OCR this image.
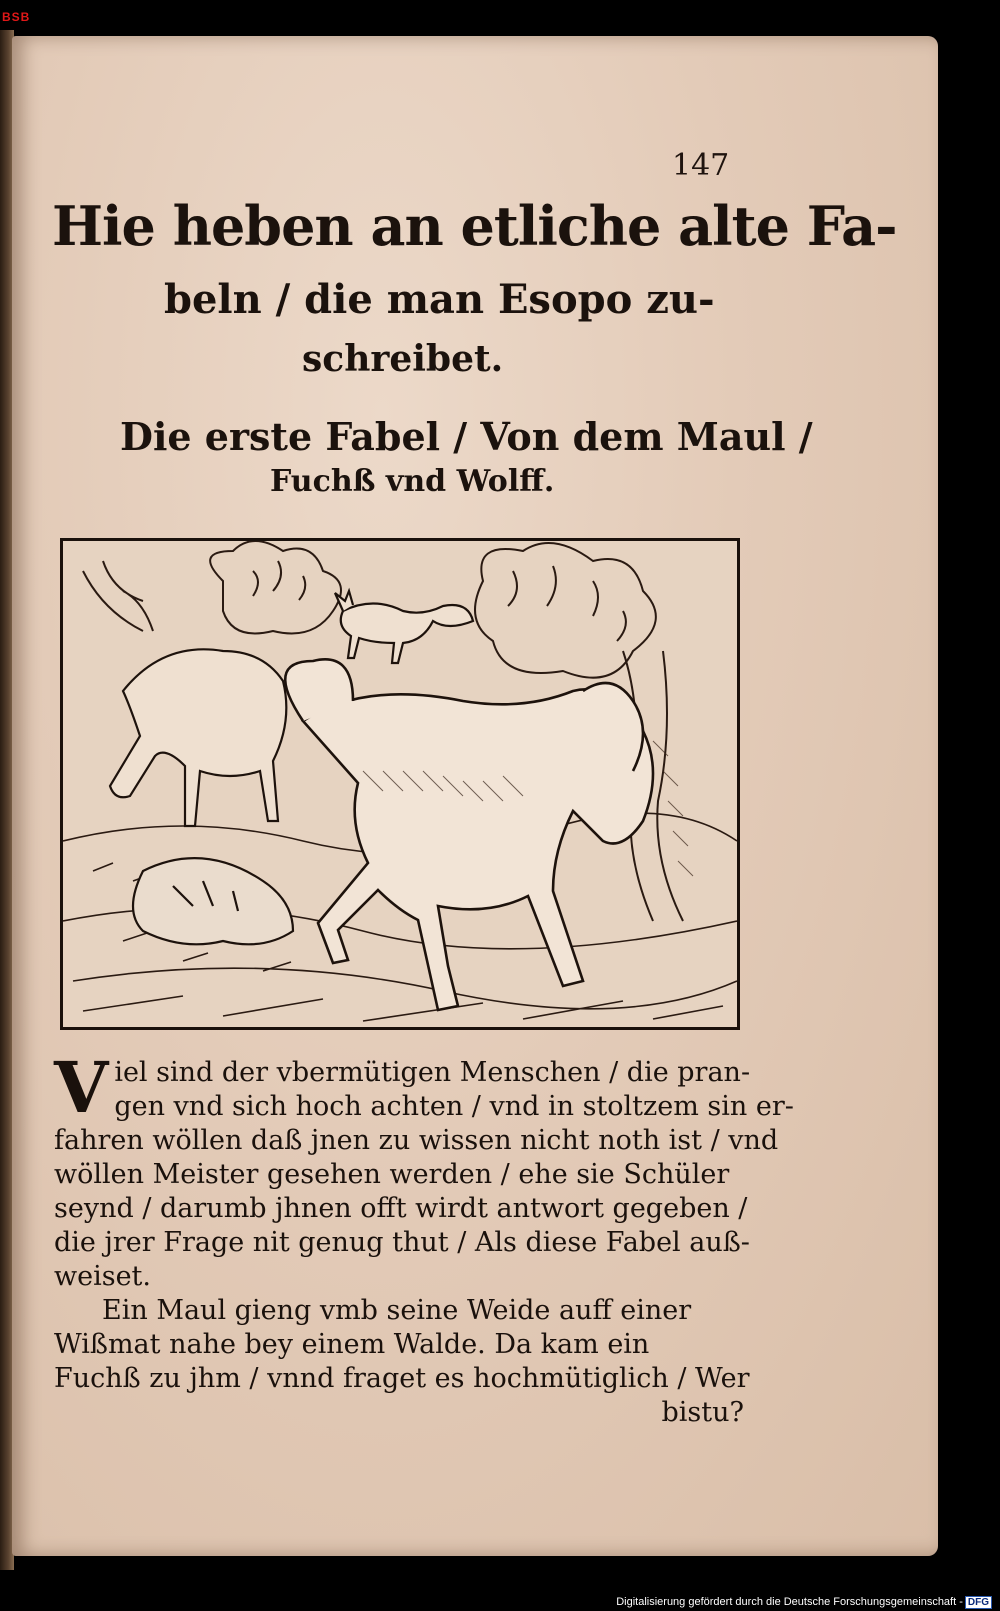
BSB
147
Hie heben an etliche alte Fa-
beln / die man Esopo zu-
schreibet.
Die erste Fabel / Von dem Maul /
Fuchß vnd Wolff.
Viel sind der vbermütigen Menschen / die pran-
gen vnd sich hoch achten / vnd in stoltzem sin er-
fahren wöllen daß jnen zu wissen nicht noth ist / vnd
wöllen Meister gesehen werden / ehe sie Schüler
seynd / darumb jhnen offt wirdt antwort gegeben /
die jrer Frage nit genug thut / Als diese Fabel auß-
weiset.
Ein Maul gieng vmb seine Weide auff einer
Wißmat nahe bey einem Walde. Da kam ein
Fuchß zu jhm / vnnd fraget es hochmütiglich / Wer
bistu?
Digitalisierung gefördert durch die Deutsche Forschungsgemeinschaft - DFG
